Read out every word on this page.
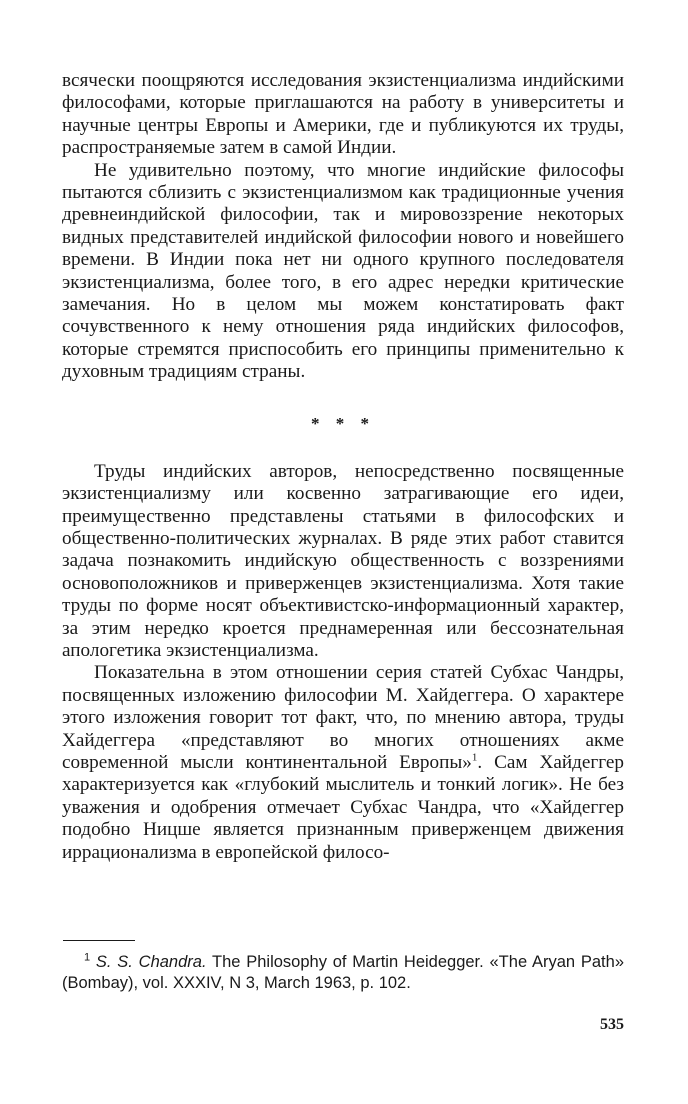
всячески поощряются исследования экзистенциализма индийскими философами, которые приглашаются на работу в университеты и научные центры Европы и Америки, где и публикуются их труды, распространяемые затем в самой Индии.

Не удивительно поэтому, что многие индийские философы пытаются сблизить с экзистенциализмом как традиционные учения древнеиндийской философии, так и мировоззрение некоторых видных представителей индийской философии нового и новейшего времени. В Индии пока нет ни одного крупного последователя экзистенциализма, более того, в его адрес нередки критические замечания. Но в целом мы можем констатировать факт сочувственного к нему отношения ряда индийских философов, которые стремятся приспособить его принципы применительно к духовным традициям страны.

* * *

Труды индийских авторов, непосредственно посвященные экзистенциализму или косвенно затрагивающие его идеи, преимущественно представлены статьями в философских и общественно-политических журналах. В ряде этих работ ставится задача познакомить индийскую общественность с воззрениями основоположников и приверженцев экзистенциализма. Хотя такие труды по форме носят объективистско-информационный характер, за этим нередко кроется преднамеренная или бессознательная апологетика экзистенциализма.

Показательна в этом отношении серия статей Субхас Чандры, посвященных изложению философии М. Хайдеггера. О характере этого изложения говорит тот факт, что, по мнению автора, труды Хайдеггера «представляют во многих отношениях акме современной мысли континентальной Европы»$^1$. Сам Хайдеггер характеризуется как «глубокий мыслитель и тонкий логик». Не без уважения и одобрения отмечает Субхас Чандра, что «Хайдеггер подобно Ницше является признанным приверженцем движения иррационализма в европейской филосо-

$^1$ S. S. Chandra. The Philosophy of Martin Heidegger. «The Aryan Path» (Bombay), vol. XXXIV, N 3, March 1963, p. 102.

535
